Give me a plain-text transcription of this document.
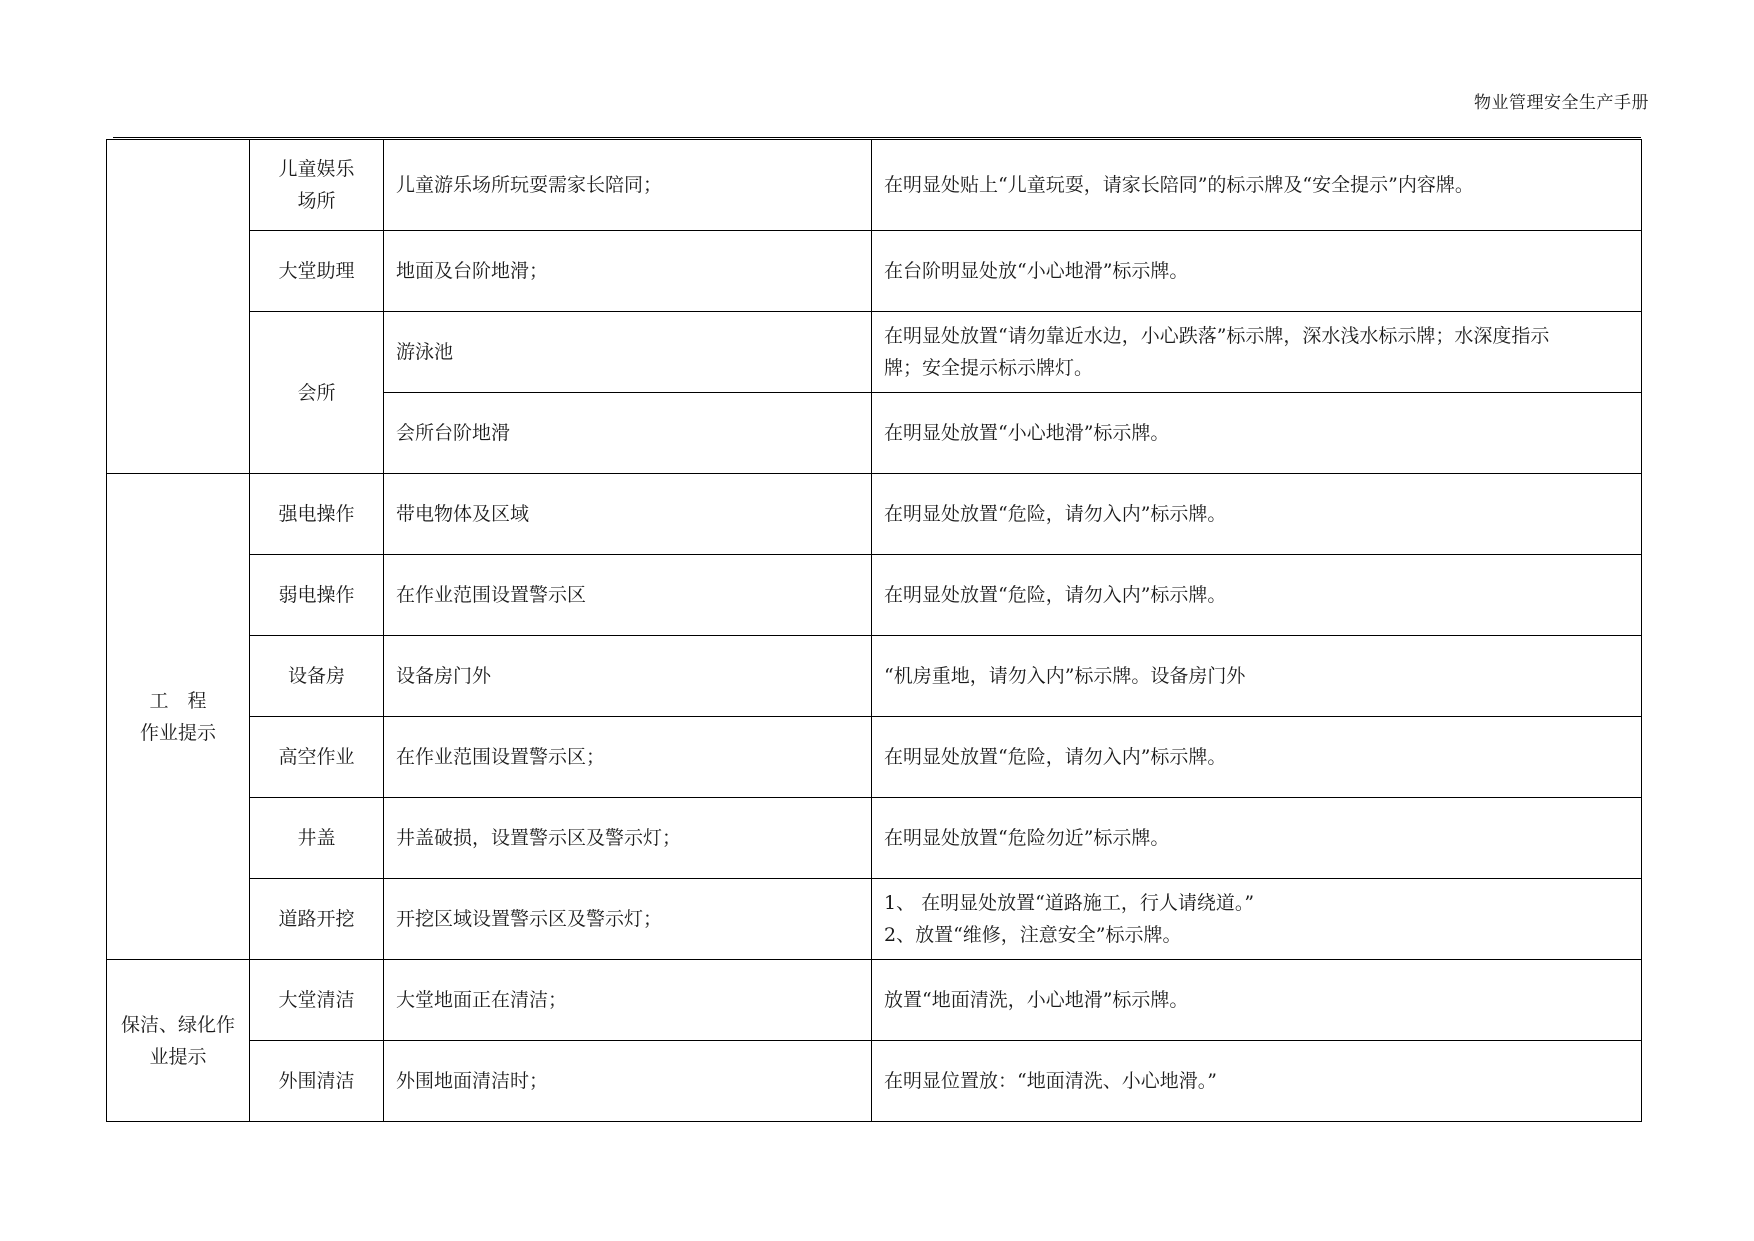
物业管理安全生产手册

	儿童娱乐
场所	儿童游乐场所玩耍需家长陪同；	在明显处贴上“儿童玩耍，请家长陪同”的标示牌及“安全提示”内容牌。

	大堂助理	地面及台阶地滑；	在台阶明显处放“小心地滑”标示牌。

	会所	游泳池	在明显处放置“请勿靠近水边，小心跌落”标示牌，深水浅水标示牌；水深度指示
牌；安全提示标示牌灯。

		会所台阶地滑	在明显处放置“小心地滑”标示牌。

工　程
作业提示	强电操作	带电物体及区域	在明显处放置“危险，请勿入内”标示牌。

	弱电操作	在作业范围设置警示区	在明显处放置“危险，请勿入内”标示牌。

	设备房	设备房门外	“机房重地，请勿入内”标示牌。设备房门外

	高空作业	在作业范围设置警示区；	在明显处放置“危险，请勿入内”标示牌。

	井盖	井盖破损，设置警示区及警示灯；	在明显处放置“危险勿近”标示牌。

	道路开挖	开挖区域设置警示区及警示灯；	1、 在明显处放置“道路施工，行人请绕道。”
2、放置“维修，注意安全”标示牌。

保洁、绿化作
业提示	大堂清洁	大堂地面正在清洁；	放置“地面清洗，小心地滑”标示牌。

	外围清洁	外围地面清洁时；	在明显位置放：“地面清洗、小心地滑。”
